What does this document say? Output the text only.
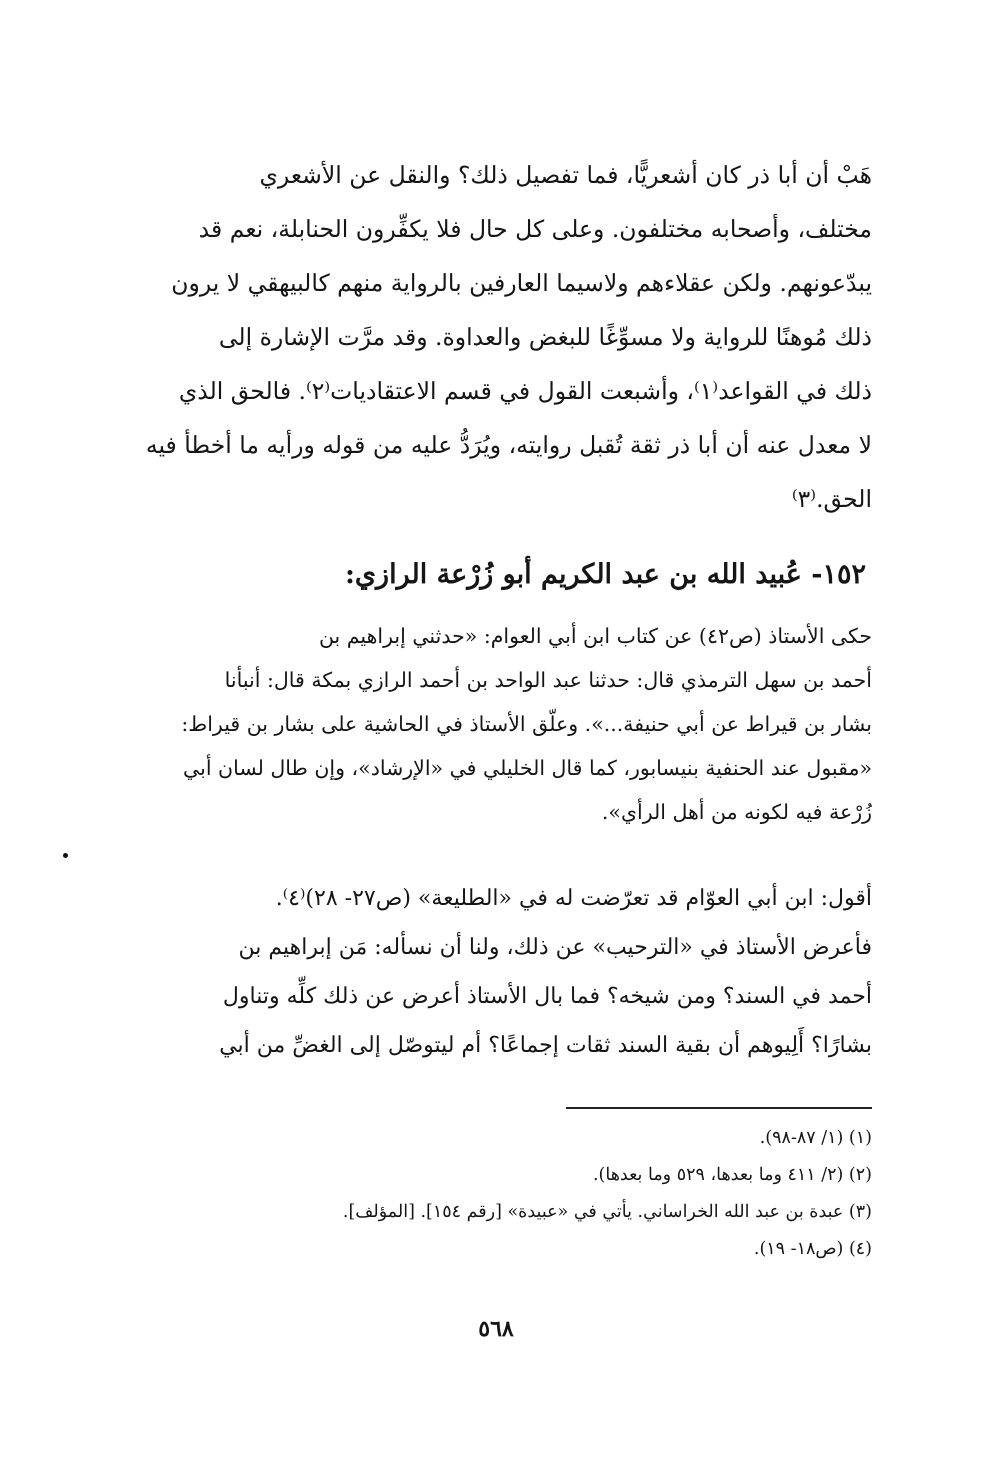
هَبْ أن أبا ذر كان أشعريًّا، فما تفصيل ذلك؟ والنقل عن الأشعري
مختلف، وأصحابه مختلفون. وعلى كل حال فلا يكفِّرون الحنابلة، نعم قد
يبدّعونهم. ولكن عقلاءهم ولاسيما العارفين بالرواية منهم كالبيهقي لا يرون
ذلك مُوهنًا للرواية ولا مسوِّغًا للبغض والعداوة. وقد مرَّت الإشارة إلى
ذلك في القواعد⁽١⁾، وأشبعت القول في قسم الاعتقاديات⁽٢⁾. فالحق الذي
لا معدل عنه أن أبا ذر ثقة تُقبل روايته، ويُرَدُّ عليه من قوله ورأيه ما أخطأ فيه
الحق.⁽٣⁾
١٥٢- عُبيد الله بن عبد الكريم أبو زُرْعة الرازي:
حكى الأستاذ (ص٤٢) عن كتاب ابن أبي العوام: «حدثني إبراهيم بن
أحمد بن سهل الترمذي قال: حدثنا عبد الواحد بن أحمد الرازي بمكة قال: أنبأنا
بشار بن قيراط عن أبي حنيفة...». وعلّق الأستاذ في الحاشية على بشار بن قيراط:
«مقبول عند الحنفية بنيسابور، كما قال الخليلي في «الإرشاد»، وإن طال لسان أبي
زُرْعة فيه لكونه من أهل الرأي».
أقول: ابن أبي العوّام قد تعرّضت له في «الطليعة» (ص٢٧- ٢٨)⁽٤⁾.
فأعرض الأستاذ في «الترحيب» عن ذلك، ولنا أن نسأله: مَن إبراهيم بن
أحمد في السند؟ ومن شيخه؟ فما بال الأستاذ أعرض عن ذلك كلِّه وتناول
بشارًا؟ أَلِيوهم أن بقية السند ثقات إجماعًا؟ أم ليتوصّل إلى الغضِّ من أبي
(١) (١/ ٨٧-٩٨).
(٢) (٢/ ٤١١ وما بعدها، ٥٢٩ وما بعدها).
(٣) عبدة بن عبد الله الخراساني. يأتي في «عبيدة» [رقم ١٥٤]. [المؤلف].
(٤) (ص١٨- ١٩).
٥٦٨
